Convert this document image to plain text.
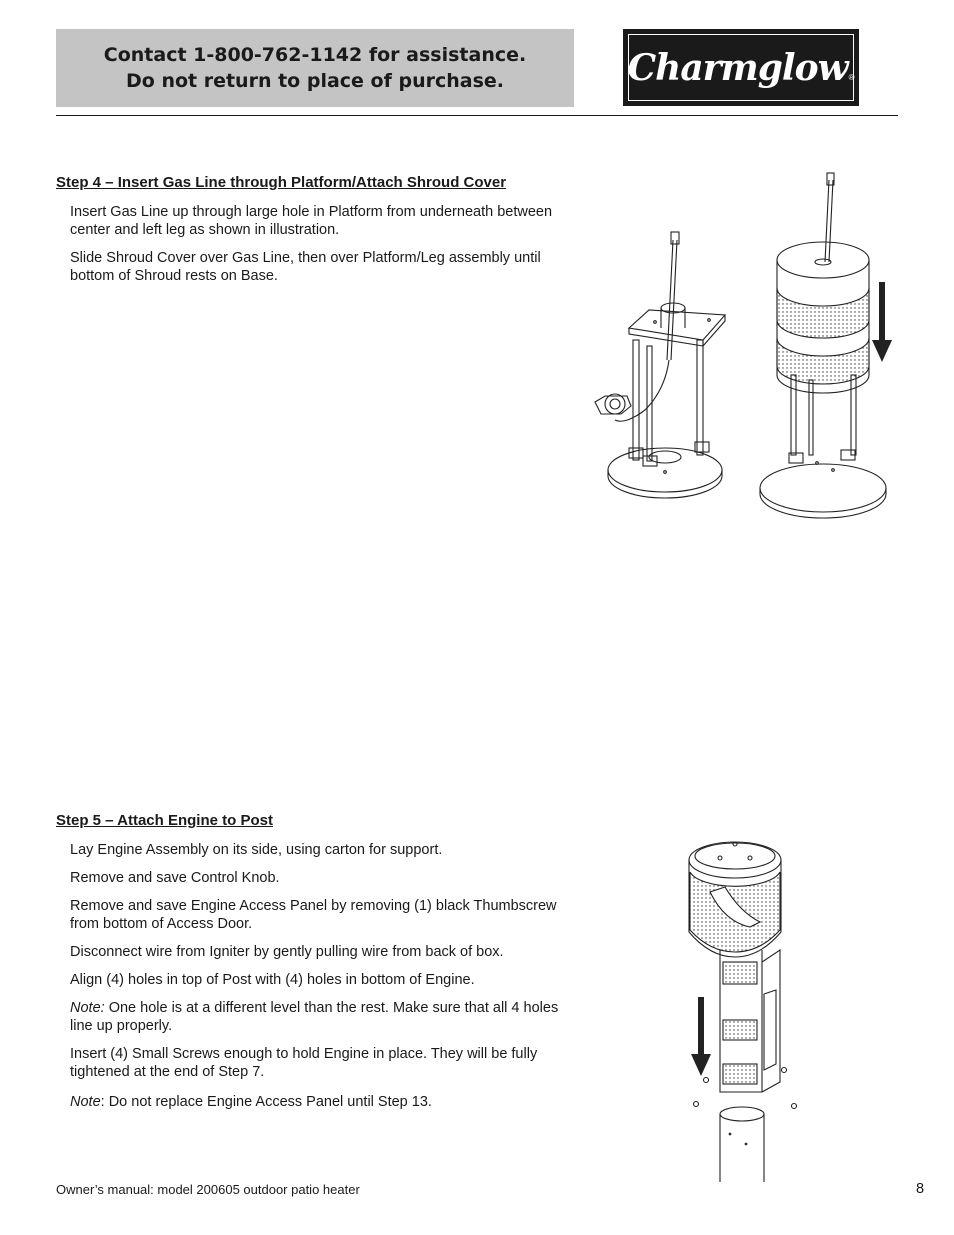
Contact 1-800-762-1142 for assistance.
Do not return to place of purchase.	Charmglow ®
Step 4 – Insert Gas Line through Platform/Attach Shroud Cover
Insert Gas Line up through large hole in Platform from underneath between center and left leg as shown in illustration.
Slide Shroud Cover over Gas Line, then over Platform/Leg assembly until bottom of Shroud rests on Base.
Step 5 – Attach Engine to Post
Lay Engine Assembly on its side, using carton for support.
Remove and save Control Knob.
Remove and save Engine Access Panel by removing (1) black Thumbscrew from bottom of Access Door.
Disconnect wire from Igniter by gently pulling wire from back of box.
Align (4) holes in top of Post with (4) holes in bottom of Engine.
Note: One hole is at a different level than the rest. Make sure that all 4 holes line up properly.
Insert (4) Small Screws enough to hold Engine in place. They will be fully tightened at the end of Step 7.
Note: Do not replace Engine Access Panel until Step 13.
Owner’s manual: model 200605 outdoor patio heater	8
